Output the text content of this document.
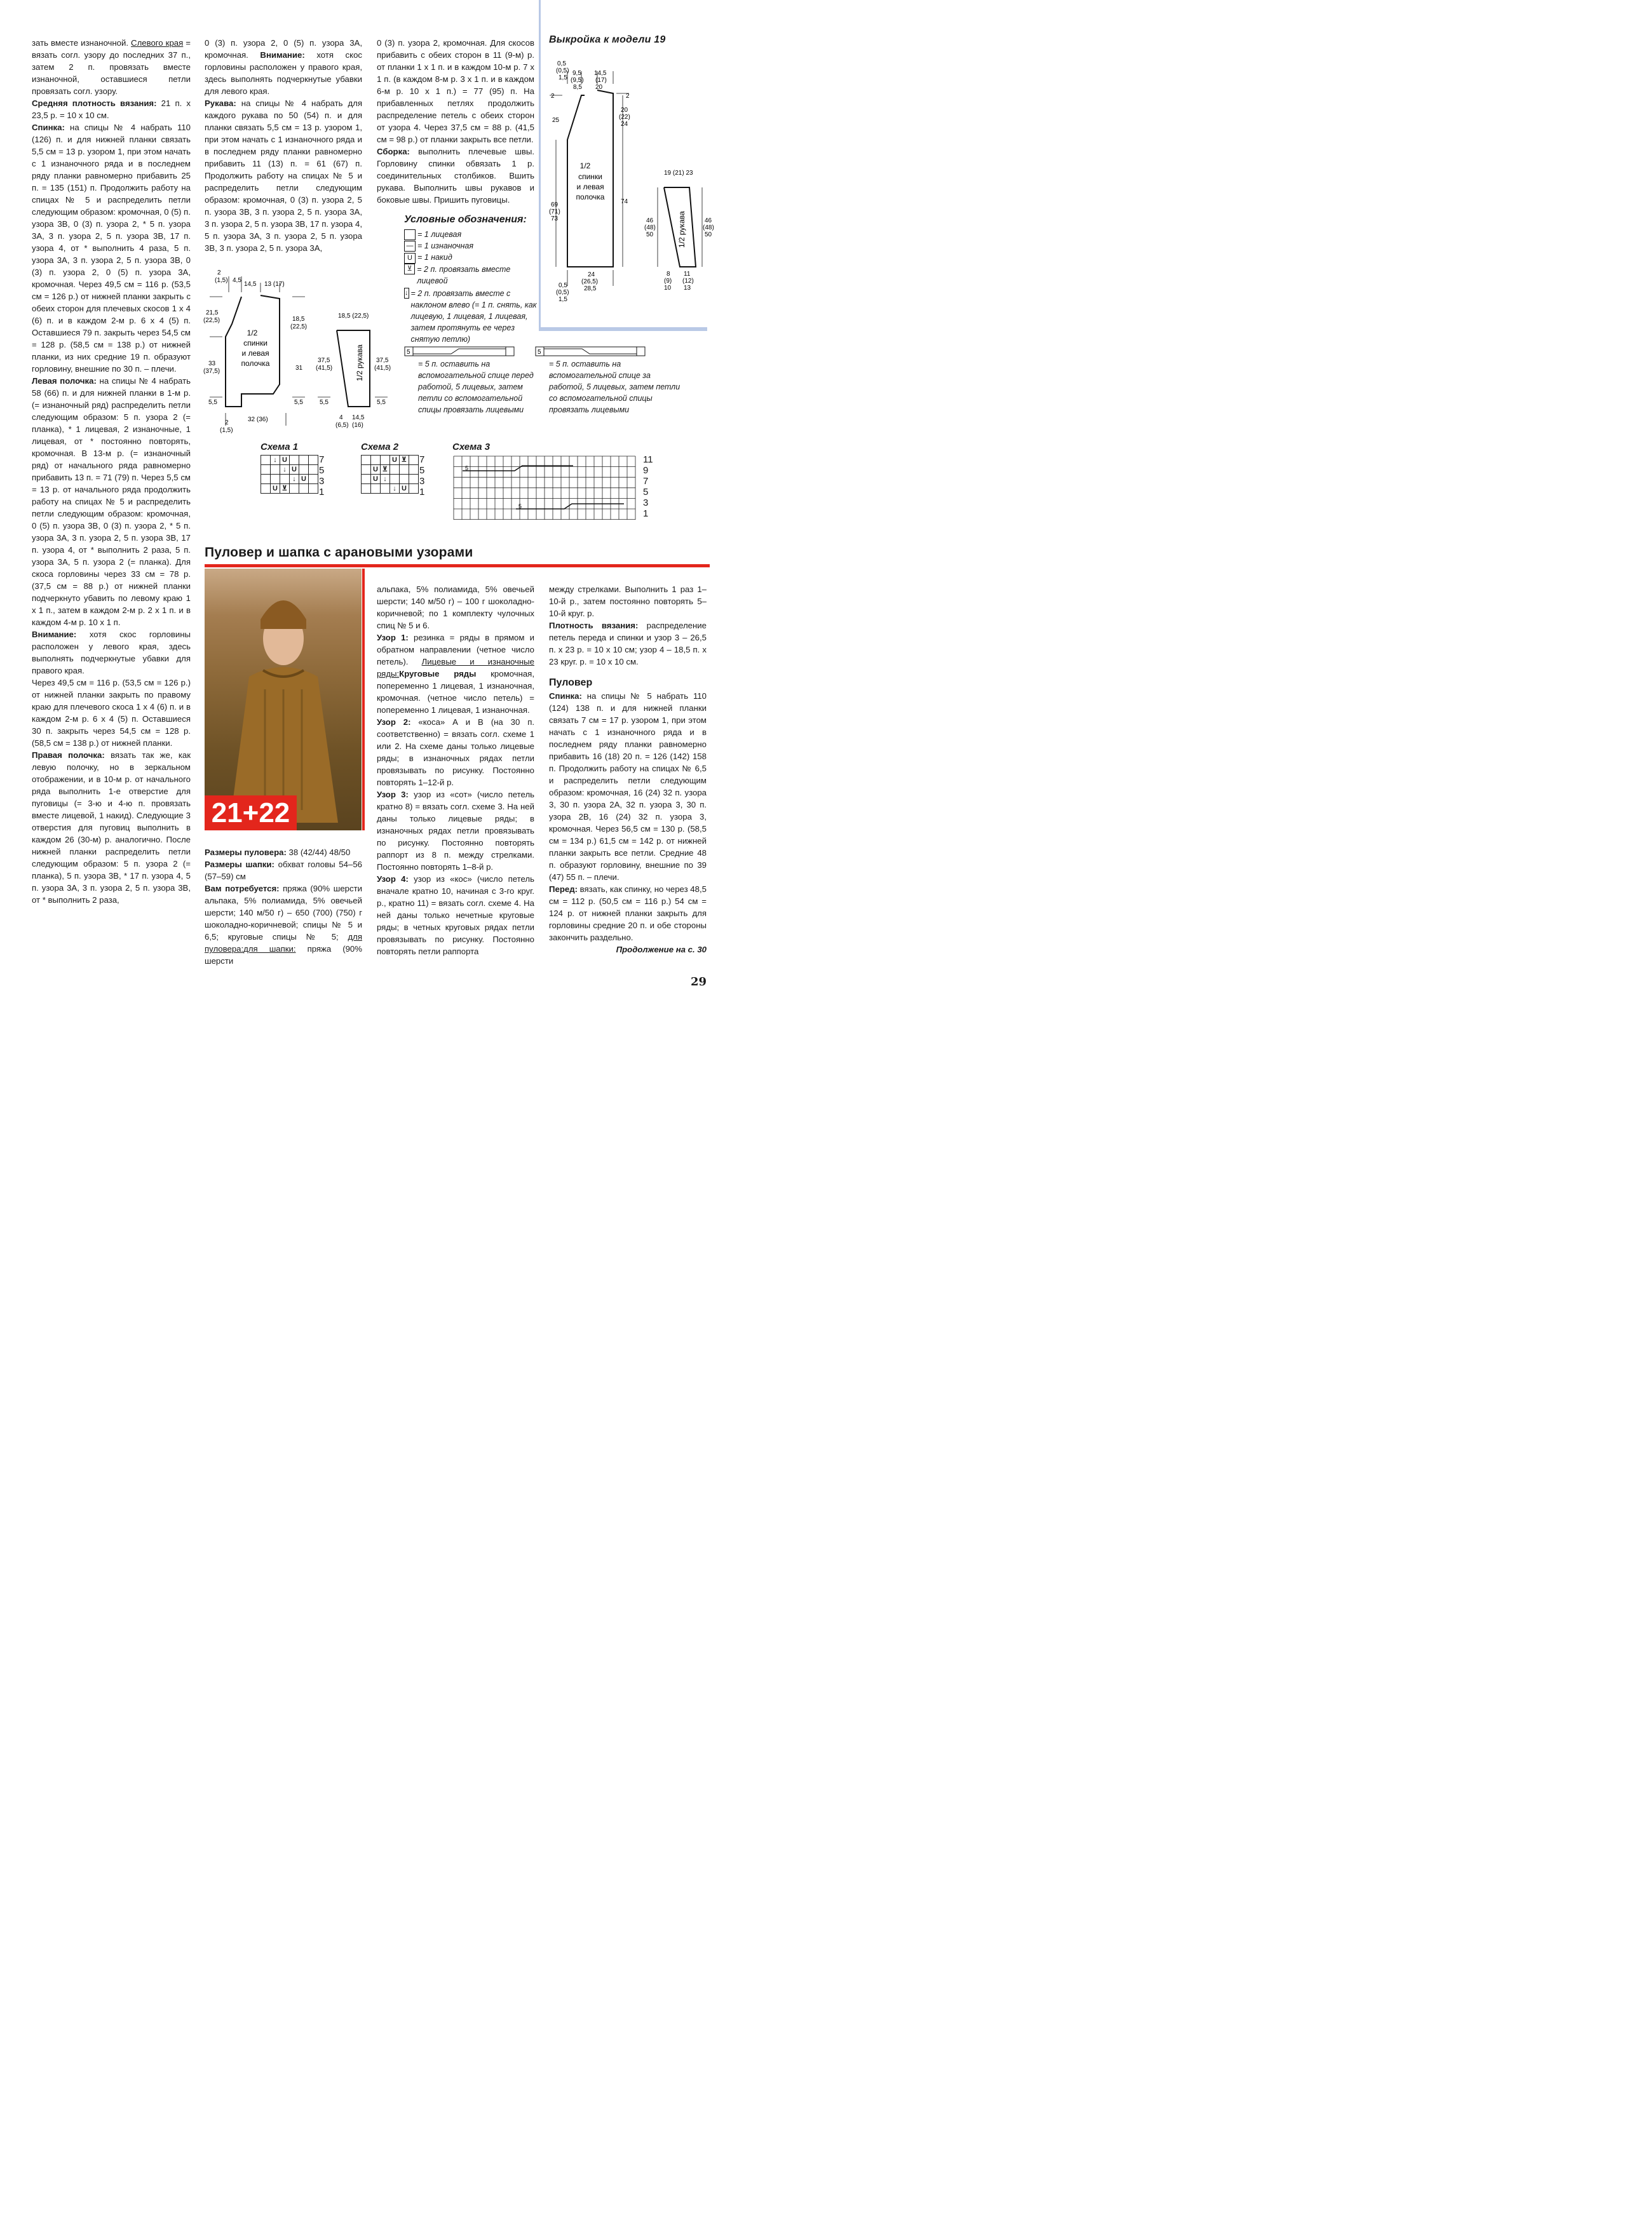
зать вместе изнаночной. Слевого края = вязать согл. узору до последних 37 п., затем 2 п. провязать вместе изнаночной, оставшиеся петли провязать согл. узору.

Средняя плотность вязания: 21 п. х 23,5 р. = 10 х 10 см.

Спинка: на спицы № 4 набрать 110 (126) п. и для нижней планки связать 5,5 см = 13 р. узором 1, при этом начать с 1 изнаночного ряда и в последнем ряду планки равномерно прибавить 25 п. = 135 (151) п. Продолжить работу на спицах № 5 и распределить петли следующим образом: кромочная, 0 (5) п. узора 3В, 0 (3) п. узора 2, * 5 п. узора 3А, 3 п. узора 2, 5 п. узора 3В, 17 п. узора 4, от * выполнить 4 раза, 5 п. узора 3А, 3 п. узора 2, 5 п. узора 3В, 0 (3) п. узора 2, 0 (5) п. узора 3А, кромочная. Через 49,5 см = 116 р. (53,5 см = 126 р.) от нижней планки закрыть с обеих сторон для плечевых скосов 1 х 4 (6) п. и в каждом 2-м р. 6 х 4 (5) п. Оставшиеся 79 п. закрыть через 54,5 см = 128 р. (58,5 см = 138 р.) от нижней планки, из них средние 19 п. образуют горловину, внешние по 30 п. – плечи.

Левая полочка: на спицы № 4 набрать 58 (66) п. и для нижней планки в 1-м р. (= изнаночный ряд) распределить петли следующим образом: 5 п. узора 2 (= планка), * 1 лицевая, 2 изнаночные, 1 лицевая, от * постоянно повторять, кромочная. В 13-м р. (= изнаночный ряд) от начального ряда равномерно прибавить 13 п. = 71 (79) п. Через 5,5 см = 13 р. от начального ряда продолжить работу на спицах № 5 и распределить петли следующим образом: кромочная, 0 (5) п. узора 3В, 0 (3) п. узора 2, * 5 п. узора 3А, 3 п. узора 2, 5 п. узора 3В, 17 п. узора 4, от * выполнить 2 раза, 5 п. узора 3А, 5 п. узора 2 (= планка). Для скоса горловины через 33 см = 78 р. (37,5 см = 88 р.) от нижней планки подчеркнуто убавить по левому краю 1 х 1 п., затем в каждом 2-м р. 2 х 1 п. и в каждом 4-м р. 10 х 1 п.

Внимание: хотя скос горловины расположен у левого края, здесь выполнять подчеркнутые убавки для правого края.

Через 49,5 см = 116 р. (53,5 см = 126 р.) от нижней планки закрыть по правому краю для плечевого скоса 1 х 4 (6) п. и в каждом 2-м р. 6 х 4 (5) п. Оставшиеся 30 п. закрыть через 54,5 см = 128 р. (58,5 см = 138 р.) от нижней планки.

Правая полочка: вязать так же, как левую полочку, но в зеркальном отображении, и в 10-м р. от начального ряда выполнить 1-е отверстие для пуговицы (= 3-ю и 4-ю п. провязать вместе лицевой, 1 накид). Следующие 3 отверстия для пуговиц выполнить в каждом 26 (30-м) р. аналогично. После нижней планки распределить петли следующим образом: 5 п. узора 2 (= планка), 5 п. узора 3В, * 17 п. узора 4, 5 п. узора 3А, 3 п. узора 2, 5 п. узора 3В, от * выполнить 2 раза,

0 (3) п. узора 2, 0 (5) п. узора 3А, кромочная. Внимание: хотя скос горловины расположен у правого края, здесь выполнять подчеркнутые убавки для левого края.

Рукава: на спицы № 4 набрать для каждого рукава по 50 (54) п. и для планки связать 5,5 см = 13 р. узором 1, при этом начать с 1 изнаночного ряда и в последнем ряду планки равномерно прибавить 11 (13) п. = 61 (67) п. Продолжить работу на спицах № 5 и распределить петли следующим образом: кромочная, 0 (3) п. узора 2, 5 п. узора 3В, 3 п. узора 2, 5 п. узора 3А, 3 п. узора 2, 5 п. узора 3В, 17 п. узора 4, 5 п. узора 3А, 3 п. узора 2, 5 п. узора 3В, 3 п. узора 2, 5 п. узора 3А,

0 (3) п. узора 2, кромочная. Для скосов прибавить с обеих сторон в 11 (9-м) р. от планки 1 х 1 п. и в каждом 10-м р. 7 х 1 п. (в каждом 8-м р. 3 х 1 п. и в каждом 6-м р. 10 х 1 п.) = 77 (95) п. На прибавленных петлях продолжить распределение петель с обеих сторон от узора 4. Через 37,5 см = 88 р. (41,5 см = 98 р.) от планки закрыть все петли.

Сборка: выполнить плечевые швы. Горловину спинки обвязать 1 р. соединительных столбиков. Вшить рукава. Выполнить швы рукавов и боковые швы. Пришить пуговицы.

Выкройка к модели 19
0,5
(0,5)
1,5
9,5
(9,5)
8,5
14,5
(17)
20
2	2
25
20
(22)
24
69
(71)
73
74
1/2
спинки
и левая
полочка
24
(26,5)
28,5
0,5
(0,5)
1,5
19 (21) 23
46
(48)
50
46
(48)
50
1/2 рукава
8
(9)
10
11
(12)
13
Условные обозначения:
= 1 лицевая
— = 1 изнаночная
U = 1 накид
⊻ = 2 п. провязать вместе лицевой
↓ = 2 п. провязать вместе с наклоном влево (= 1 п. снять, как лицевую, 1 лицевая, 1 лицевая, затем протянуть ее через снятую петлю)
5	5
= 5 п. оставить на вспомогательной спице перед работой, 5 лицевых, затем петли со вспомогательной спицы провязать лицевыми
= 5 п. оставить на вспомогательной спице за работой, 5 лицевых, затем петли со вспомогательной спицы провязать лицевыми
2
(1,5) 4,5
14,5 13 (17)
21,5
(22,5)	18,5
(22,5)
33
(37,5)	31
1/2
спинки
и левая
полочка
5,5	5,5	5,5	5,5
32 (36)
2
(1,5)
18,5 (22,5)
37,5
(41,5)
37,5
(41,5)
1/2 рукава
4
(6,5)
14,5
(16)
Схема 1
	↓	U			
		↓	U		
			↓	U	
	U	⊻			
7
5
3
1
Схема 2
			U	⊻	
	U	⊻			
	U	↓			
			↓	U	
7
5
3
1
Схема 3
5
5
11
9
7
5
3
1
Пуловер и шапка с арановыми узорами
21+22

Размеры пуловера: 38 (42/44) 48/50

Размеры шапки: обхват головы 54–56 (57–59) см

Вам потребуется: пряжа (90% шерсти альпака, 5% полиамида, 5% овечьей шерсти; 140 м/50 г) – 650 (700) (750) г шоколадно-коричневой; спицы № 5 и 6,5; круговые спицы № 5; для пуловера:для шапки: пряжа (90% шерсти

альпака, 5% полиамида, 5% овечьей шерсти; 140 м/50 г) – 100 г шоколадно-коричневой; по 1 комплекту чулочных спиц № 5 и 6.

Узор 1: резинка = ряды в прямом и обратном направлении (четное число петель). Лицевые и изнаночные ряды:Круговые ряды кромочная, попеременно 1 лицевая, 1 изнаночная, кромочная. (четное число петель) = попеременно 1 лицевая, 1 изнаночная.

Узор 2: «коса» А и В (на 30 п. соответственно) = вязать согл. схеме 1 или 2. На схеме даны только лицевые ряды; в изнаночных рядах петли провязывать по рисунку. Постоянно повторять 1–12-й р.

Узор 3: узор из «сот» (число петель кратно 8) = вязать согл. схеме 3. На ней даны только лицевые ряды; в изнаночных рядах петли провязывать по рисунку. Постоянно повторять раппорт из 8 п. между стрелками. Постоянно повторять 1–8-й р.

Узор 4: узор из «кос» (число петель вначале кратно 10, начиная с 3-го круг. р., кратно 11) = вязать согл. схеме 4. На ней даны только нечетные круговые ряды; в четных круговых рядах петли провязывать по рисунку. Постоянно повторять петли раппорта

между стрелками. Выполнить 1 раз 1–10-й р., затем постоянно повторять 5–10-й круг. р.

Плотность вязания: распределение петель переда и спинки и узор 3 – 26,5 п. х 23 р. = 10 х 10 см; узор 4 – 18,5 п. х 23 круг. р. = 10 х 10 см.

Пуловер

Спинка: на спицы № 5 набрать 110 (124) 138 п. и для нижней планки связать 7 см = 17 р. узором 1, при этом начать с 1 изнаночного ряда и в последнем ряду планки равномерно прибавить 16 (18) 20 п. = 126 (142) 158 п. Продолжить работу на спицах № 6,5 и распределить петли следующим образом: кромочная, 16 (24) 32 п. узора 3, 30 п. узора 2А, 32 п. узора 3, 30 п. узора 2В, 16 (24) 32 п. узора 3, кромочная. Через 56,5 см = 130 р. (58,5 см = 134 р.) 61,5 см = 142 р. от нижней планки закрыть все петли. Средние 48 п. образуют горловину, внешние по 39 (47) 55 п. – плечи.

Перед: вязать, как спинку, но через 48,5 см = 112 р. (50,5 см = 116 р.) 54 см = 124 р. от нижней планки закрыть для горловины средние 20 п. и обе стороны закончить раздельно.

Продолжение на с. 30

29
